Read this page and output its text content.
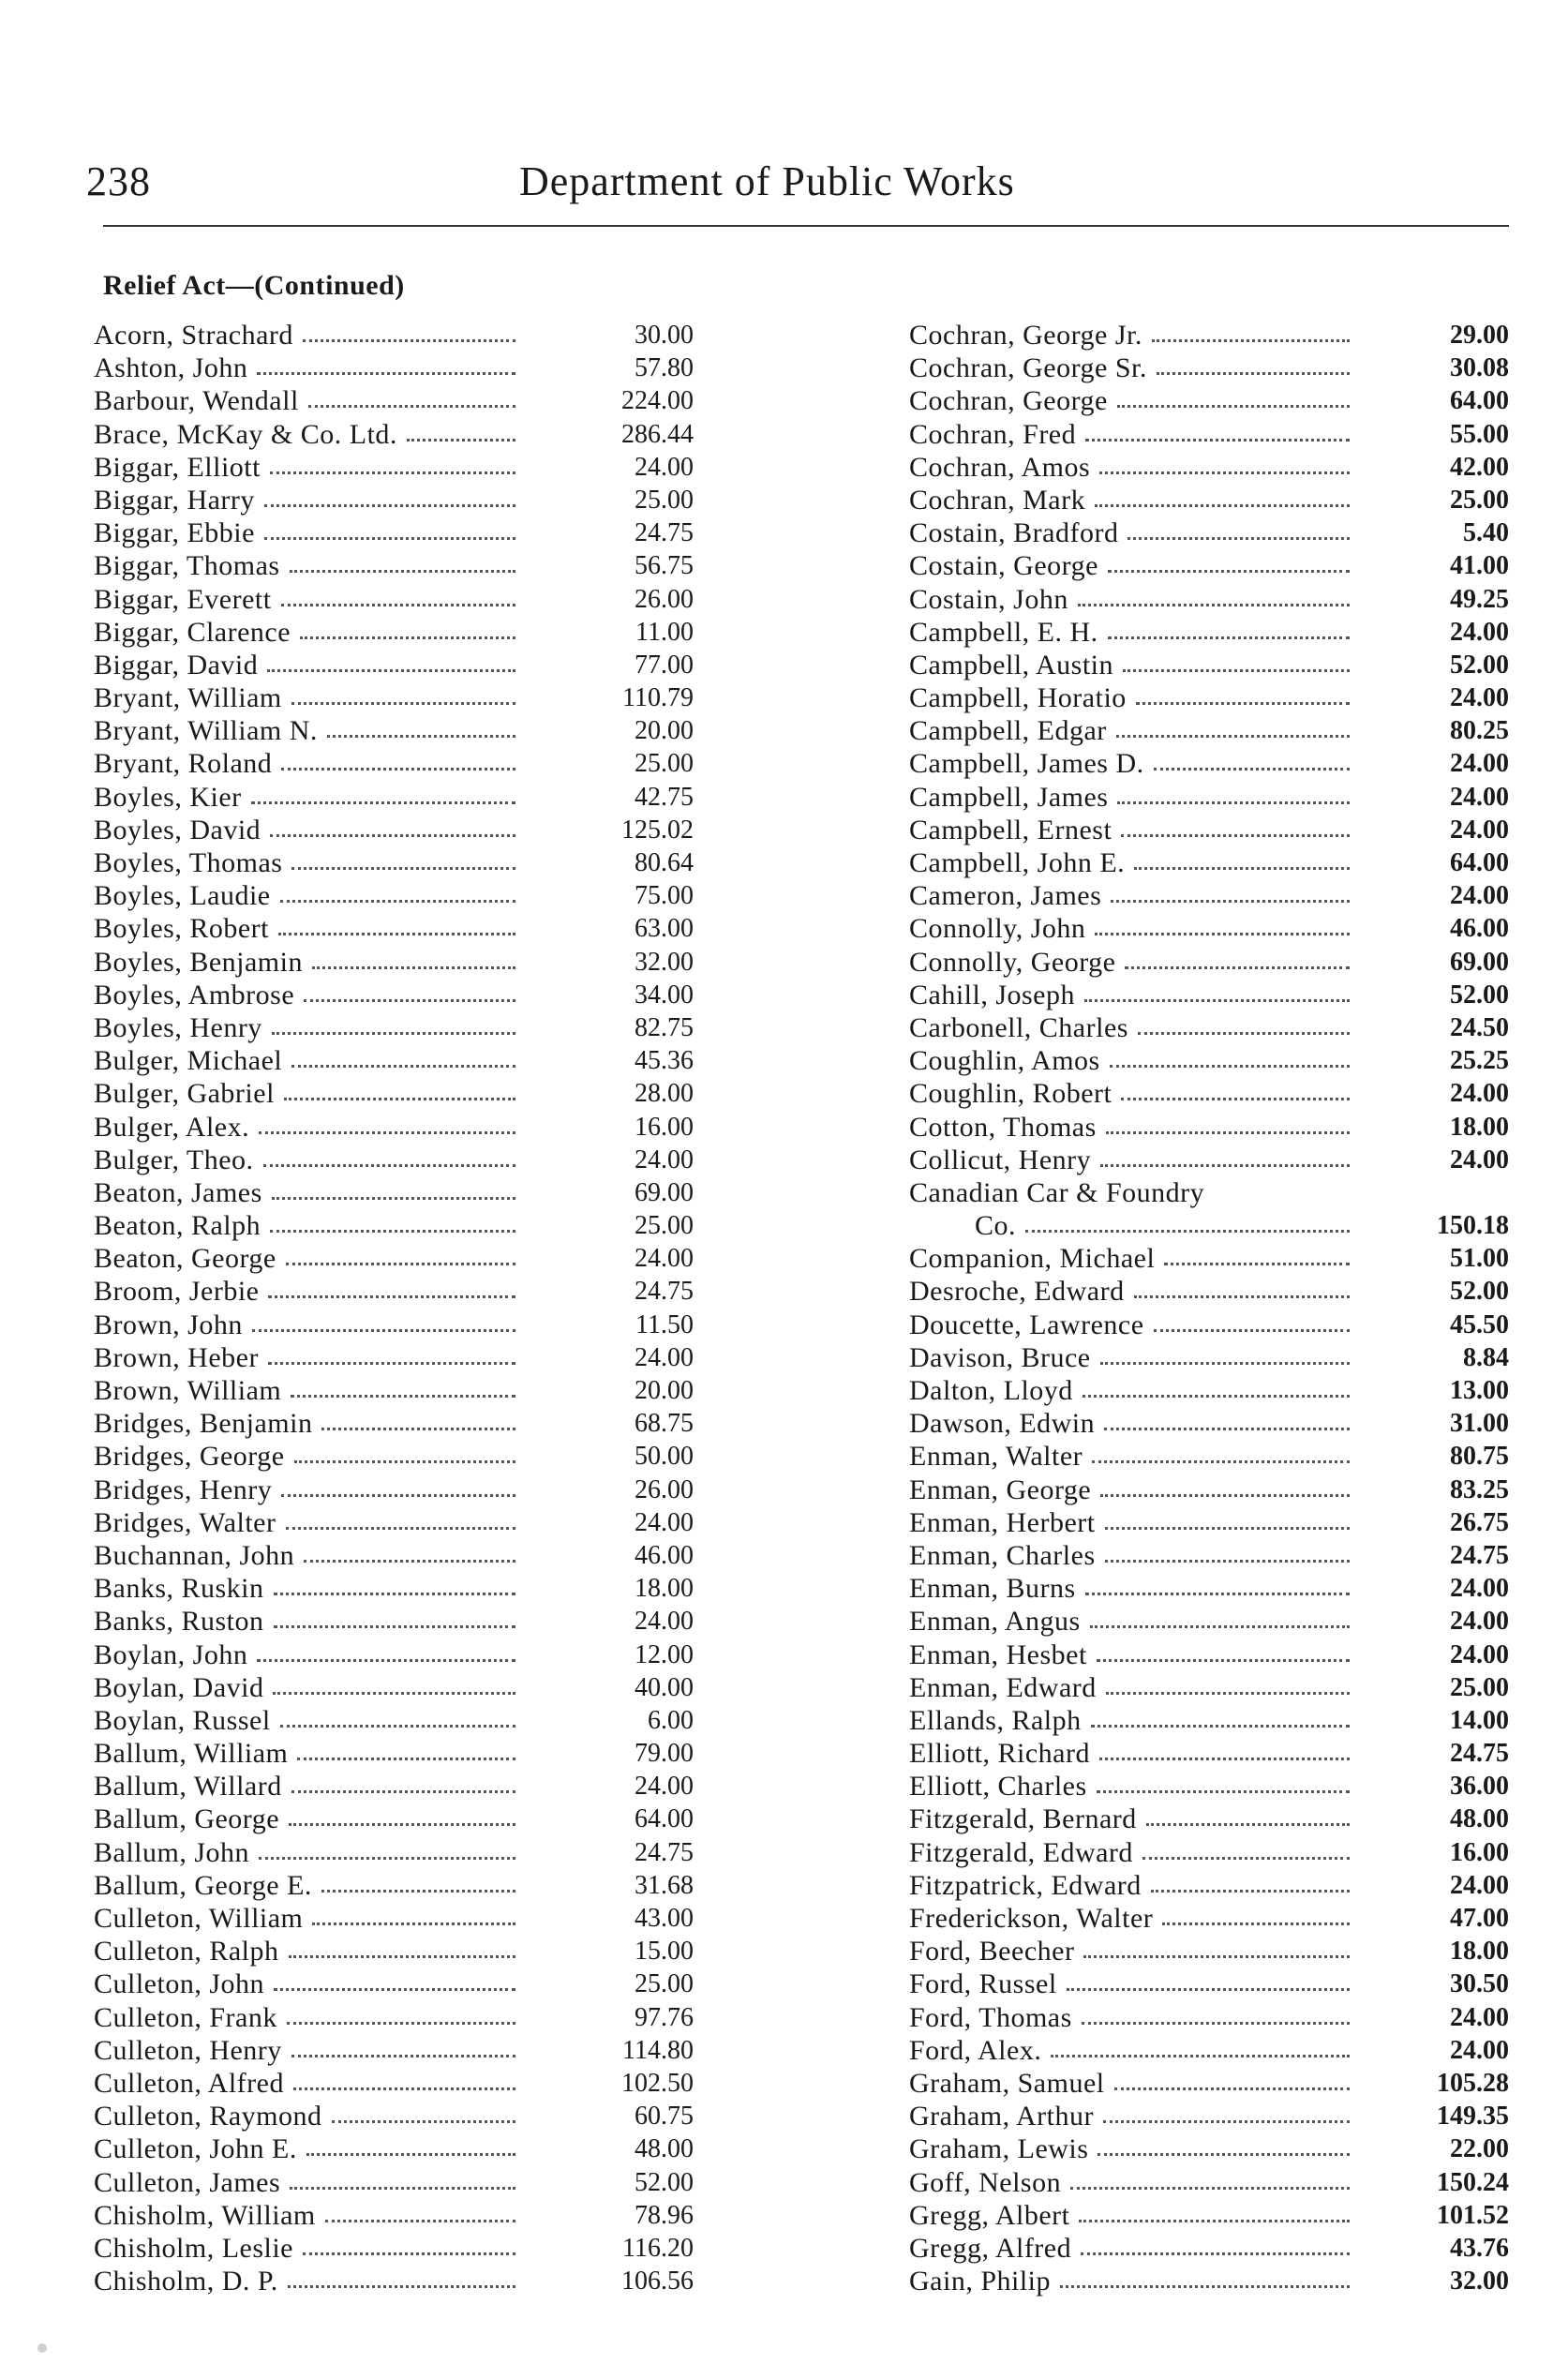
238	Department of Public Works
Relief Act—(Continued)
Acorn, Strachard	30.00
Ashton, John	57.80
Barbour, Wendall	224.00
Brace, McKay & Co. Ltd.	286.44
Biggar, Elliott	24.00
Biggar, Harry	25.00
Biggar, Ebbie	24.75
Biggar, Thomas	56.75
Biggar, Everett	26.00
Biggar, Clarence	11.00
Biggar, David	77.00
Bryant, William	110.79
Bryant, William N.	20.00
Bryant, Roland	25.00
Boyles, Kier	42.75
Boyles, David	125.02
Boyles, Thomas	80.64
Boyles, Laudie	75.00
Boyles, Robert	63.00
Boyles, Benjamin	32.00
Boyles, Ambrose	34.00
Boyles, Henry	82.75
Bulger, Michael	45.36
Bulger, Gabriel	28.00
Bulger, Alex.	16.00
Bulger, Theo.	24.00
Beaton, James	69.00
Beaton, Ralph	25.00
Beaton, George	24.00
Broom, Jerbie	24.75
Brown, John	11.50
Brown, Heber	24.00
Brown, William	20.00
Bridges, Benjamin	68.75
Bridges, George	50.00
Bridges, Henry	26.00
Bridges, Walter	24.00
Buchannan, John	46.00
Banks, Ruskin	18.00
Banks, Ruston	24.00
Boylan, John	12.00
Boylan, David	40.00
Boylan, Russel	6.00
Ballum, William	79.00
Ballum, Willard	24.00
Ballum, George	64.00
Ballum, John	24.75
Ballum, George E.	31.68
Culleton, William	43.00
Culleton, Ralph	15.00
Culleton, John	25.00
Culleton, Frank	97.76
Culleton, Henry	114.80
Culleton, Alfred	102.50
Culleton, Raymond	60.75
Culleton, John E.	48.00
Culleton, James	52.00
Chisholm, William	78.96
Chisholm, Leslie	116.20
Chisholm, D. P.	106.56
Cochran, George Jr.	29.00
Cochran, George Sr.	30.08
Cochran, George	64.00
Cochran, Fred	55.00
Cochran, Amos	42.00
Cochran, Mark	25.00
Costain, Bradford	5.40
Costain, George	41.00
Costain, John	49.25
Campbell, E. H.	24.00
Campbell, Austin	52.00
Campbell, Horatio	24.00
Campbell, Edgar	80.25
Campbell, James D.	24.00
Campbell, James	24.00
Campbell, Ernest	24.00
Campbell, John E.	64.00
Cameron, James	24.00
Connolly, John	46.00
Connolly, George	69.00
Cahill, Joseph	52.00
Carbonell, Charles	24.50
Coughlin, Amos	25.25
Coughlin, Robert	24.00
Cotton, Thomas	18.00
Collicut, Henry	24.00
Canadian Car & Foundry
Co.	150.18
Companion, Michael	51.00
Desroche, Edward	52.00
Doucette, Lawrence	45.50
Davison, Bruce	8.84
Dalton, Lloyd	13.00
Dawson, Edwin	31.00
Enman, Walter	80.75
Enman, George	83.25
Enman, Herbert	26.75
Enman, Charles	24.75
Enman, Burns	24.00
Enman, Angus	24.00
Enman, Hesbet	24.00
Enman, Edward	25.00
Ellands, Ralph	14.00
Elliott, Richard	24.75
Elliott, Charles	36.00
Fitzgerald, Bernard	48.00
Fitzgerald, Edward	16.00
Fitzpatrick, Edward	24.00
Frederickson, Walter	47.00
Ford, Beecher	18.00
Ford, Russel	30.50
Ford, Thomas	24.00
Ford, Alex.	24.00
Graham, Samuel	105.28
Graham, Arthur	149.35
Graham, Lewis	22.00
Goff, Nelson	150.24
Gregg, Albert	101.52
Gregg, Alfred	43.76
Gain, Philip	32.00
